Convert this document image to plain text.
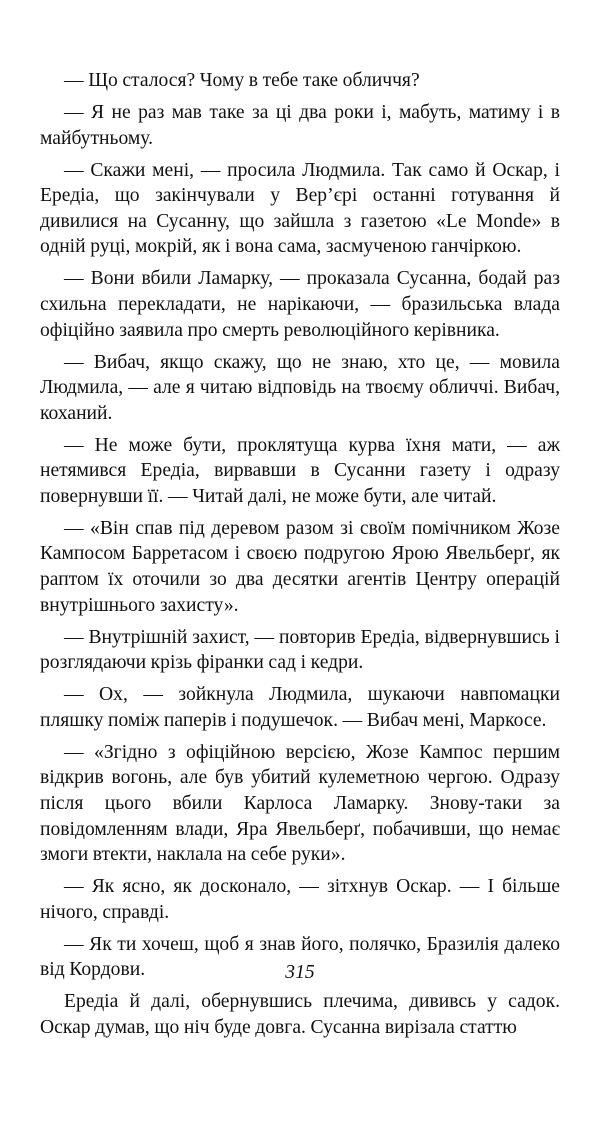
— Що сталося? Чому в тебе таке обличчя?

— Я не раз мав таке за ці два роки і, мабуть, матиму і в майбутньому.

— Скажи мені, — просила Людмила. Так само й Оскар, і Ередіа, що закінчували у Вер’єрі останні готування й дивилися на Сусанну, що зайшла з газетою «Le Monde» в одній руці, мокрій, як і вона сама, засмученою ганчіркою.

— Вони вбили Ламарку, — проказала Сусанна, бодай раз схильна перекладати, не нарікаючи, — бразильська влада офіційно заявила про смерть революційного керівника.

— Вибач, якщо скажу, що не знаю, хто це, — мовила Людмила, — але я читаю відповідь на твоєму обличчі. Вибач, коханий.

— Не може бути, проклятуща курва їхня мати, — аж нетямився Ередіа, вирвавши в Сусанни газету і одразу повернувши її. — Читай далі, не може бути, але читай.

— «Він спав під деревом разом зі своїм помічником Жозе Кампосом Барретасом і своєю подругою Ярою Явельберґ, як раптом їх оточили зо два десятки агентів Центру операцій внутрішнього захисту».

— Внутрішній захист, — повторив Ередіа, відвернувшись і розглядаючи крізь фіранки сад і кедри.

— Ох, — зойкнула Людмила, шукаючи навпомацки пляшку поміж паперів і подушечок. — Вибач мені, Маркосе.

— «Згідно з офіційною версією, Жозе Кампос першим відкрив вогонь, але був убитий кулеметною чергою. Одразу після цього вбили Карлоса Ламарку. Знову-таки за повідомленням влади, Яра Явельберґ, побачивши, що немає змоги втекти, наклала на себе руки».

— Як ясно, як досконало, — зітхнув Оскар. — І більше нічого, справді.

— Як ти хочеш, щоб я знав його, полячко, Бразилія далеко від Кордови.

Ередіа й далі, обернувшись плечима, дививсь у садок. Оскар думав, що ніч буде довга. Сусанна вирізала статтю

315
